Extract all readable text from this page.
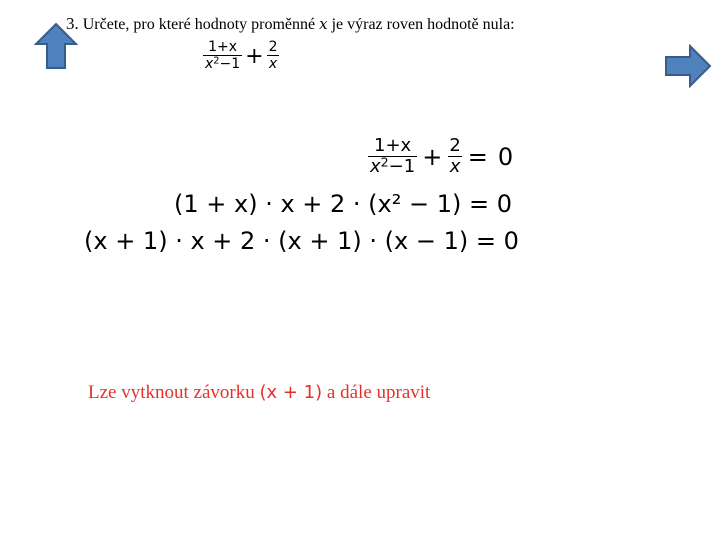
3. Určete, pro které hodnoty proměnné x je výraz roven hodnotě nula:
$\frac{1+x}{x^2-1} + \frac{2}{x}$
$\frac{1+x}{x^2-1} + \frac{2}{x} = 0$
(1 + x) · x + 2 · (x² − 1) = 0
(x + 1) · x + 2 · (x + 1) · (x − 1) = 0
Lze vytknout závorku (x + 1) a dále upravit
